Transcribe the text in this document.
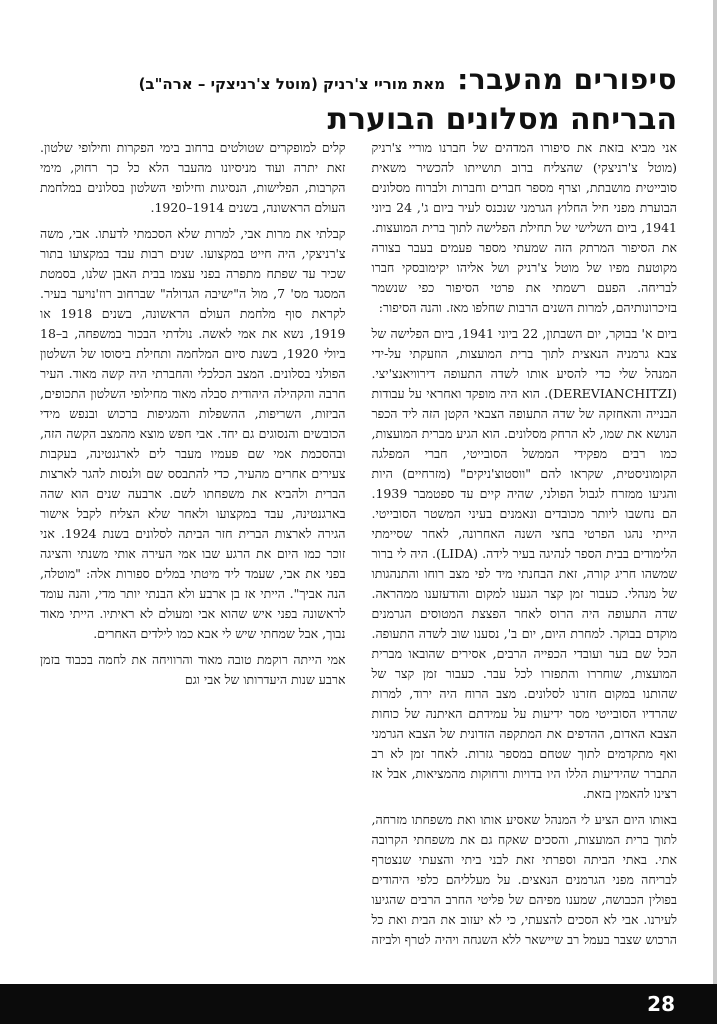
סיפורים מהעבר:
מאת מוריי צ'רניק (מוטל צ'רניצקי – ארה"ב)
הבריחה מסלונים הבוערת

אני מביא בזאת את סיפורו המדהים של חברנו מוריי צ'רניק (מוטל צ'רניצקי) שהצליח ברוב תושייתו להכשיר משאית סובייטית מושבתת, וצרף מספר חברים וחברות ולברוח מסלונים הבוערת מפני חיל החלוץ הגרמני שנכנס לעיר ביום ג', 24 ביוני 1941, ביום השלישי של תחילת הפלישה לתוך ברית המועצות. את הסיפור המרתק הזה שמעתי מספר פעמים בעבר בצורה מקוטעת מפיו של מוטל צ'רניק ושל אליהו יקימובסקי חברו לבריחה. הפעם רשמתי את פרטי הסיפור כפי שנשמר בזיכרונותיהם, למרות השנים הרבות שחלפו מאז. והנה הסיפור:

ביום א' בבוקר, יום השבתון, 22 ביוני 1941, ביום הפלישה של צבא גרמניה הנאצית לתוך ברית המועצות, הוזעקתי על-ידי המנהל שלי כדי להסיע אותו לשדה התעופה דירוויאנצ'יצי. (DEREVIANCHITZI). הוא היה מופקד ואחראי על עבודות הבנייה והאחזקה של שדה התעופה הצבאי הקטן הזה ליד הכפר הנושא את שמו, לא הרחק מסלונים. הוא הגיע מברית המועצות, כמו רבים מפקידי הממשל הסובייטי, חברי המפלגה הקומוניסטית, שקראו להם "ווסטוצ'ניקים" (מזרחיים) היות והגיעו ממזרח לגבול הפולני, שהיה קיים עד ספטמבר 1939. הם נחשבו ליותר מכובדים ונאמנים בעיני המשטר הסובייטי. הייתי נהגו הפרטי בחצי השנה האחרונה, לאחר שסיימתי הלימודים בבית הספר לנהיגה בעיר לידה. (LIDA). היה לי ברור שמשהו חריג קורה, זאת הבחנתי מיד לפי מצב רוחו והתנהגותו של מנהלי. כעבור זמן קצר הגענו למקום והודעזענו ממהראה. שדה התעופה היה הרוס לאחר הפצצת המטוסים הגרמנים מוקדם בבוקר. למחרת היום, יום ב', נסענו שוב לשדה התעופה. הכל שם בער ועובדי הכפייה הרבים, אסירים שהובאו מברית המועצות, שוחררו והתפזרו לכל עבר. כעבור זמן קצר של שהותנו במקום חזרנו לסלונים. מצב הרוח היה ירוד, למרות שהרדיו הסובייטי מסר ידיעות על עמידתם האיתנה של כוחות הצבא האדום, ההדפים את המתקפה הזדונית של הצבא הגרמני ואף מתקדמים לתוך שטחם במספר גזרות. לאחר זמן לא רב התברר שהידיעות הללו היו בדויות ורחוקות מהמציאות, אבל אז רצינו להאמין בזאת.

באותו היום הציע לי המנהל שאסיע אותו ואת משפחתו מזרחה, לתוך ברית המועצות, והסכים שאקח גם את משפחתי הקרובה אתי. באתי הביתה וספרתי זאת לבני ביתי והצעתי שנצטרף לבריחה מפני הגרמנים הנאצים. על מעלליהם כלפי היהודים בפולין הכבושה, שמענו מפיהם של פליטי החרב הרבים שהגיעו לעירנו. אבי לא הסכים להצעתי, כי לא יעזוב את הבית ואת כל הרכוש שצבר בעמל רב שיישאר ללא השגחה ויהיה לטרף ולביזה קלים למופקרים שטולטים ברחוב בימי הפקרות וחילופי שלטון. זאת יתרה ועוד מניסיונו מהעבר הלא כל כך רחוק, מימי הקרבות, הפלישות, הנסיגות וחילופי השלטון בסלונים במלחמת העולם הראשונה, בשנים 1914–1920.

קבלתי את מרות אבי, למרות שלא הסכמתי לדעתו. אבי, משה צ'רניצקי, היה חייט במקצועו. שנים רבות עבד במקצועו בתור שכיר עד שפתח מתפרה בפני עצמו בבית האבן שלנו, בסמטת המסגד מס' 7, מול ה"ישיבה הגדולה" שברחוב רוז'נויער בעיר. לקראת סוף מלחמת העולם הראשונה, בשנים 1918 או 1919, נשא את אמי לאשה. נולדתי הבכור במשפחה, ב–18 ביולי 1920, בשנת סיום המלחמה ותחילת ביסוסו של השלטון הפולני בסלונים. המצב הכלכלי והחברתי היה קשה מאוד. העיר חרבה והקהילה היהודית סבלה מאוד מחילופי השלטון התכופים, הביזות, השריפות, ההשפלות והמגיפות ברכוש ובנפש מידי הכובשים והנסוגים גם יחד. אבי חפש מוצא מהמצב הקשה הזה, ובהסכמת אמי שם פעמיו מעבר לים לארגנטינה, בעקבות צעירים אחרים מהעיר, כדי להתבסס שם ולנסות להגר לארצות הברית ולהביא את משפחתו לשם. ארבעה שנים הוא שהה בארגנטינה, עבד במקצועו ולאחר שלא הצליח לקבל אישור הגירה לארצות הברית חזר הביתה לסלונים בשנת 1924. אני זוכר כמו היום את הרגע שבו אמי העירה אותי משנתי והציגה בפני את אבי, שעמד ליד מיטתי במלים ספורות אלה: "מוטלה, הנה אביך". הייתי אז בן ארבע ולא הבנתי יותר מדי, והנה עומד לראשונה בפני איש שהוא אבי ומעולם לא ראיתיו. הייתי מאוד נבוך, אבל שמחתי שיש לי אבא כמו לילדים האחרים.

אמי הייתה רוקמת טובה מאוד והרוויחה את לחמה בכבוד בזמן ארבע שנות היעדרותו של אבי וגם

28
